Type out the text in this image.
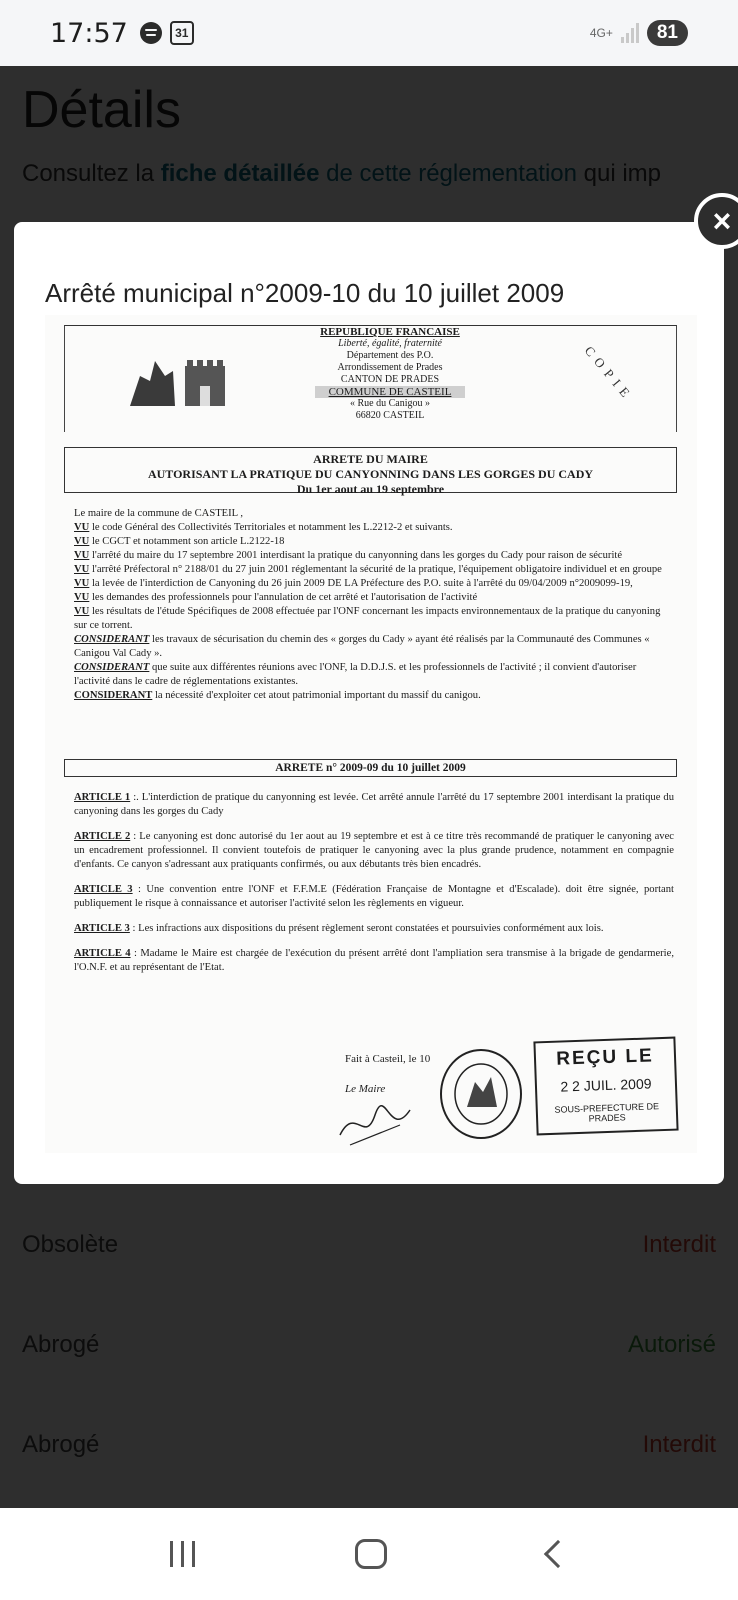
17:57	31	4G+	81
×
Arrêté municipal n°2009-10 du 10 juillet 2009
REPUBLIQUE FRANCAISE
Liberté, égalité, fraternité
Département des P.O.
Arrondissement de Prades
CANTON DE PRADES
COMMUNE DE CASTEIL
« Rue du Canigou »
66820 CASTEIL
COPIE
ARRETE DU MAIRE
AUTORISANT LA PRATIQUE DU CANYONNING DANS LES GORGES DU CADY
Du 1er aout au 19 septembre

Le maire de la commune de CASTEIL ,

VU le code Général des Collectivités Territoriales et notamment les L.2212-2 et suivants.

VU le CGCT et notamment son article L.2122-18

VU l'arrêté du maire du 17 septembre 2001 interdisant la pratique du canyonning dans les gorges du Cady pour raison de sécurité

VU l'arrêté Préfectoral n° 2188/01 du 27 juin 2001 réglementant la sécurité de la pratique, l'équipement obligatoire individuel et en groupe

VU la levée de l'interdiction de Canyoning du 26 juin 2009 DE LA Préfecture des P.O. suite à l'arrêté du 09/04/2009 n°2009099-19,

VU les demandes des professionnels pour l'annulation de cet arrêté et l'autorisation de l'activité

VU les résultats de l'étude Spécifiques de 2008 effectuée par l'ONF concernant les impacts environnementaux de la pratique du canyoning sur ce torrent.

CONSIDERANT les travaux de sécurisation du chemin des « gorges du Cady » ayant été réalisés par la Communauté des Communes « Canigou Val Cady ».

CONSIDERANT que suite aux différentes réunions avec l'ONF, la D.D.J.S. et les professionnels de l'activité ; il convient d'autoriser l'activité dans le cadre de réglementations existantes.

CONSIDERANT la nécessité d'exploiter cet atout patrimonial important du massif du canigou.

ARRETE n° 2009-09 du 10 juillet 2009

ARTICLE 1 :. L'interdiction de pratique du canyonning est levée. Cet arrêté annule l'arrêté du 17 septembre 2001 interdisant la pratique du canyoning dans les gorges du Cady

ARTICLE 2 : Le canyoning est donc autorisé du 1er aout au 19 septembre et est à ce titre très recommandé de pratiquer le canyoning avec un encadrement professionnel. Il convient toutefois de pratiquer le canyoning avec la plus grande prudence, notamment en compagnie d'enfants. Ce canyon s'adressant aux pratiquants confirmés, ou aux débutants très bien encadrés.

ARTICLE 3 : Une convention entre l'ONF et F.F.M.E (Fédération Française de Montagne et d'Escalade). doit être signée, portant publiquement le risque à connaissance et autoriser l'activité selon les règlements en vigueur.

ARTICLE 3 : Les infractions aux dispositions du présent règlement seront constatées et poursuivies conformément aux lois.

ARTICLE 4 : Madame le Maire est chargée de l'exécution du présent arrêté dont l'ampliation sera transmise à la brigade de gendarmerie, l'O.N.F. et au représentant de l'Etat.

Fait à Casteil, le 10
Le Maire
REÇU LE
2 2 JUIL. 2009
SOUS-PREFECTURE DE PRADES
